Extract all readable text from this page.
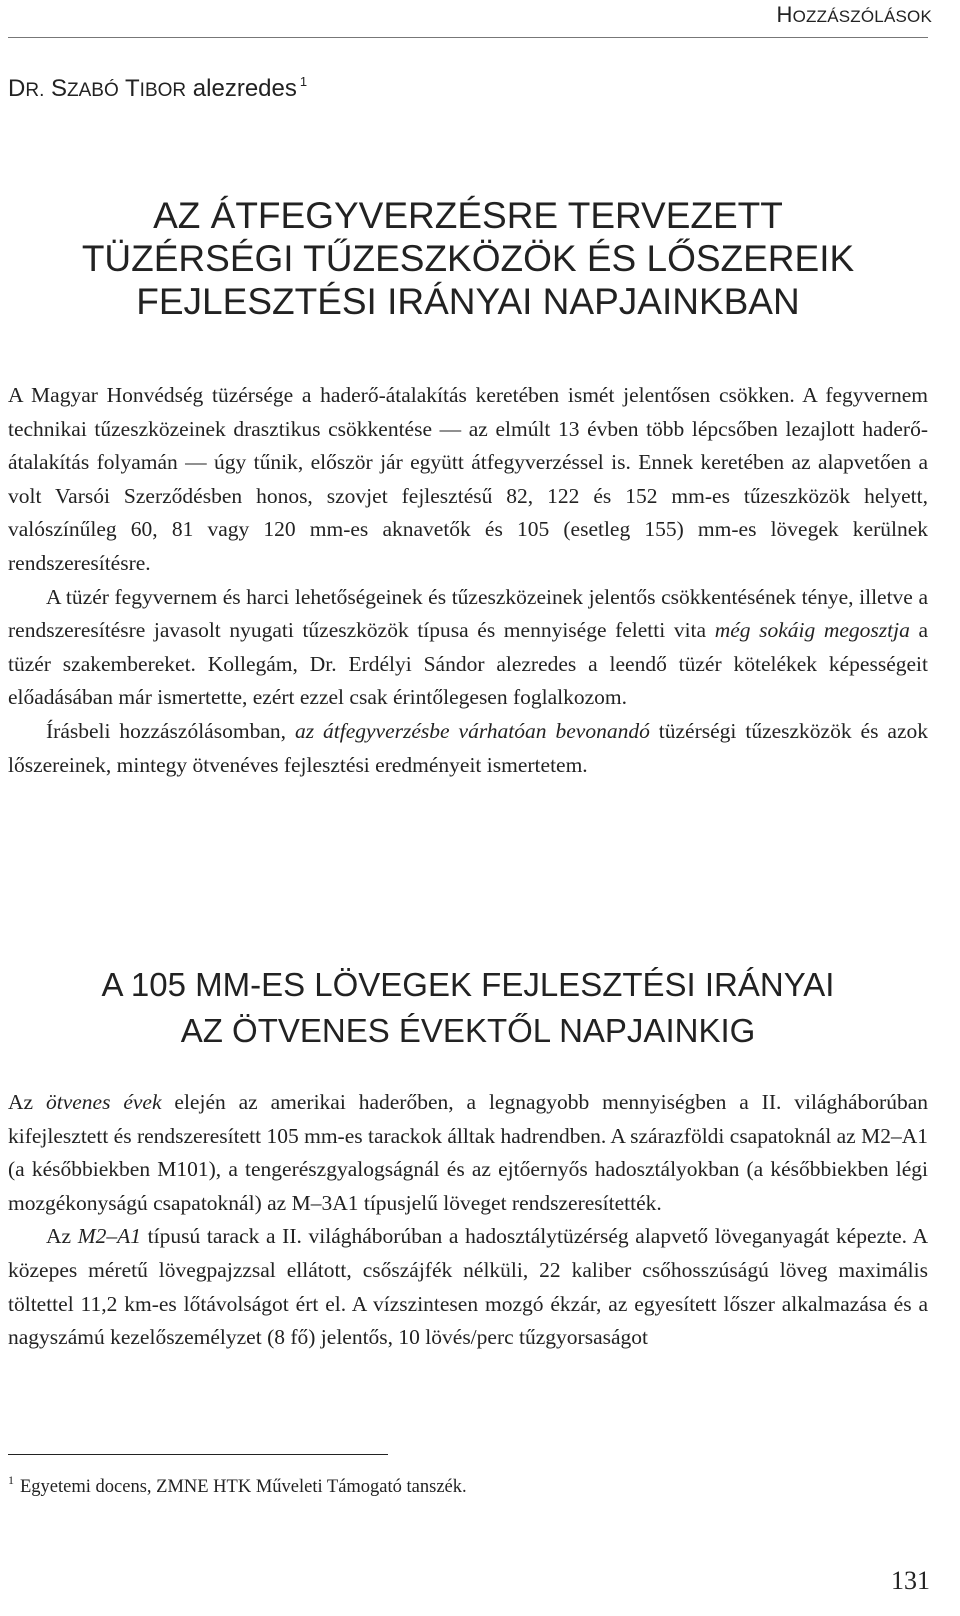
HOZZÁSZÓLÁSOK
DR. SZABÓ TIBOR alezredes $^1$
AZ ÁTFEGYVERZÉSRE TERVEZETT
TÜZÉRSÉGI TŰZESZKÖZÖK ÉS LŐSZEREIK
FEJLESZTÉSI IRÁNYAI NAPJAINKBAN

A Magyar Honvédség tüzérsége a haderő-átalakítás keretében ismét jelentősen csökken. A fegyvernem technikai tűzeszközeinek drasztikus csökkentése — az elmúlt 13 évben több lépcsőben lezajlott haderő-átalakítás folyamán — úgy tűnik, először jár együtt átfegyverzéssel is. Ennek keretében az alapvetően a volt Varsói Szerződésben honos, szovjet fejlesztésű 82, 122 és 152 mm-es tűzeszközök helyett, valószínűleg 60, 81 vagy 120 mm-es aknavetők és 105 (esetleg 155) mm-es lövegek kerülnek rendszeresítésre.

A tüzér fegyvernem és harci lehetőségeinek és tűzeszközeinek jelentős csökkentésének ténye, illetve a rendszeresítésre javasolt nyugati tűzeszközök típusa és mennyisége feletti vita még sokáig megosztja a tüzér szakembereket. Kollegám, Dr. Erdélyi Sándor alezredes a leendő tüzér kötelékek képességeit előadásában már ismertette, ezért ezzel csak érintőlegesen foglalkozom.

Írásbeli hozzászólásomban, az átfegyverzésbe várhatóan bevonandó tüzérségi tűzeszközök és azok lőszereinek, mintegy ötvenéves fejlesztési eredményeit ismertetem.

A 105 MM-ES LÖVEGEK FEJLESZTÉSI IRÁNYAI
AZ ÖTVENES ÉVEKTŐL NAPJAINKIG

Az ötvenes évek elején az amerikai haderőben, a legnagyobb mennyiségben a II. világháborúban kifejlesztett és rendszeresített 105 mm-es tarackok álltak hadrendben. A szárazföldi csapatoknál az M2–A1 (a későbbiekben M101), a tengerészgyalogságnál és az ejtőernyős hadosztályokban (a későbbiekben légi mozgékonyságú csapatoknál) az M–3A1 típusjelű löveget rendszeresítették.

Az M2–A1 típusú tarack a II. világháborúban a hadosztálytüzérség alapvető löveganyagát képezte. A közepes méretű lövegpajzzsal ellátott, csőszájfék nélküli, 22 kaliber csőhosszúságú löveg maximális töltettel 11,2 km-es lőtávolságot ért el. A vízszintesen mozgó ékzár, az egyesített lőszer alkalmazása és a nagyszámú kezelőszemélyzet (8 fő) jelentős, 10 lövés/perc tűzgyorsaságot

$^1$ Egyetemi docens, ZMNE HTK Műveleti Támogató tanszék.
131
